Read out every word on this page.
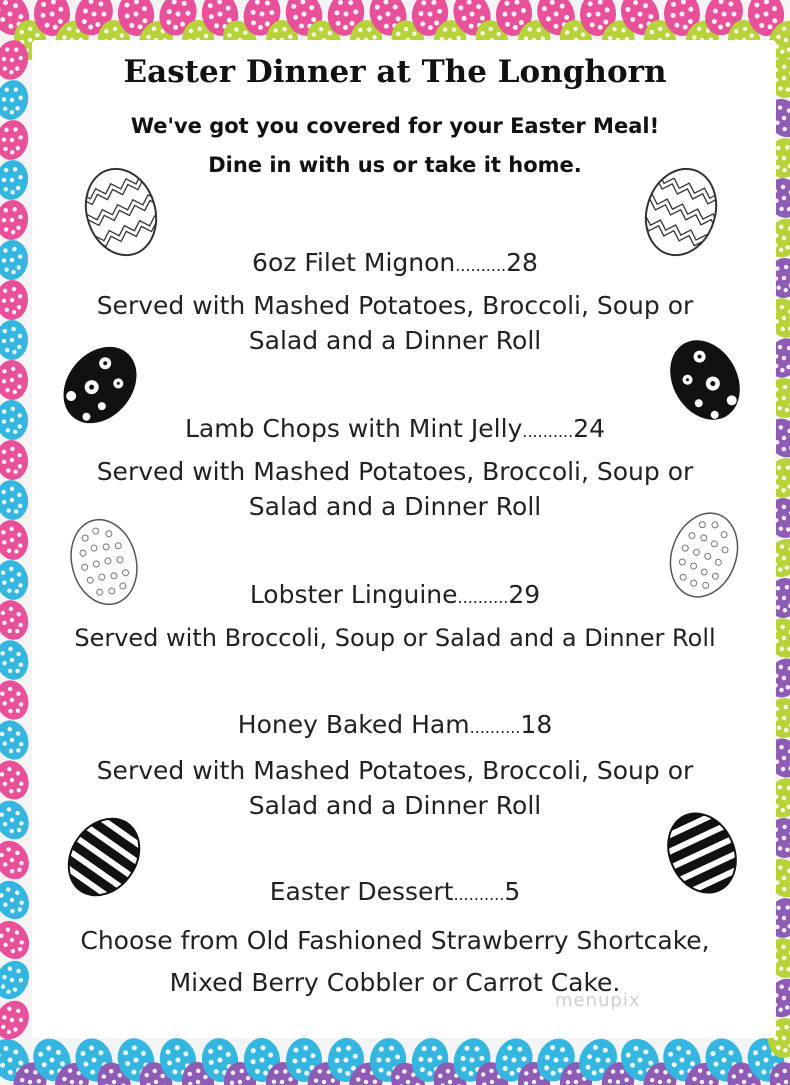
Easter Dinner at The Longhorn
We've got you covered for your Easter Meal!
Dine in with us or take it home.
6oz Filet Mignon..........28
Served with Mashed Potatoes, Broccoli, Soup or
Salad and a Dinner Roll
Lamb Chops with Mint Jelly..........24
Served with Mashed Potatoes, Broccoli, Soup or
Salad and a Dinner Roll
Lobster Linguine..........29
Served with Broccoli, Soup or Salad and a Dinner Roll
Honey Baked Ham..........18
Served with Mashed Potatoes, Broccoli, Soup or
Salad and a Dinner Roll
Easter Dessert..........5
Choose from Old Fashioned Strawberry Shortcake,
Mixed Berry Cobbler or Carrot Cake.
menupix
